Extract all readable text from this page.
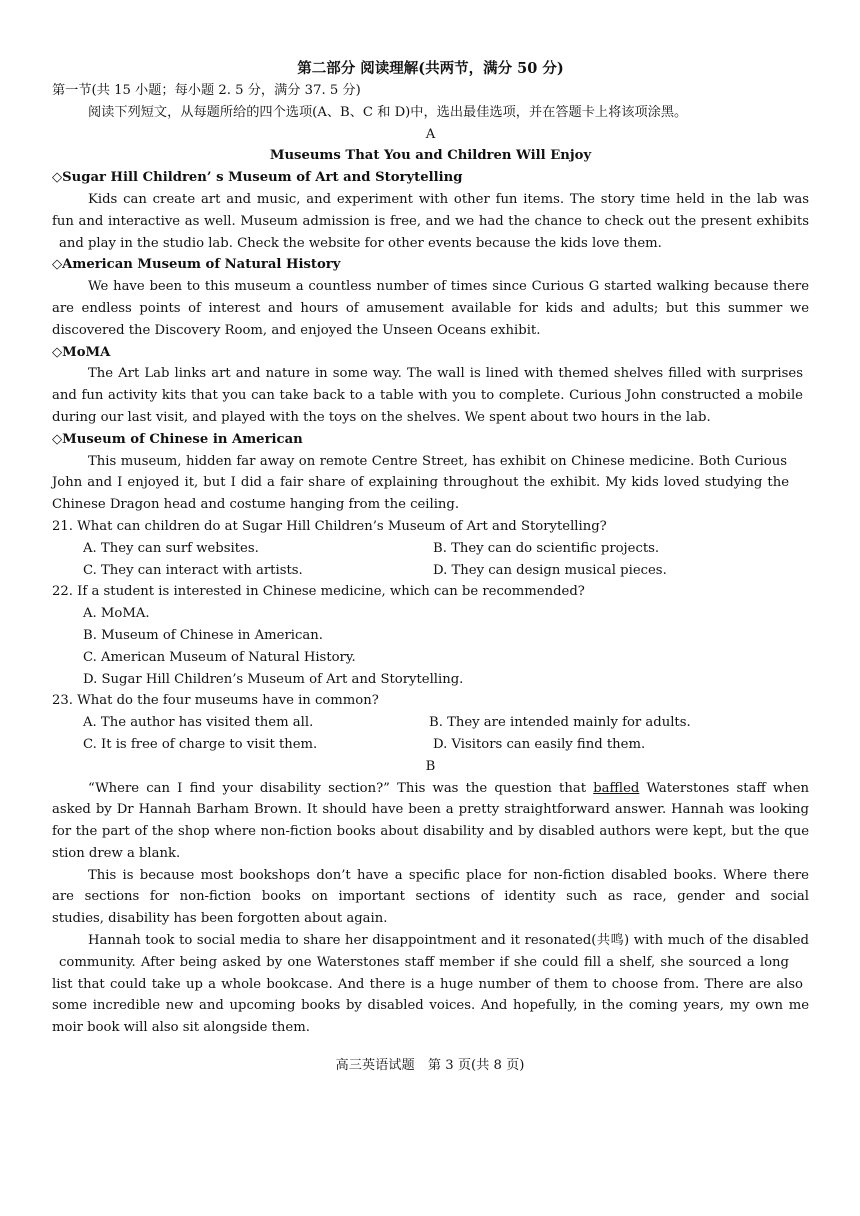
第二部分 阅读理解(共两节，满分 50 分)
第一节(共 15 小题；每小题 2. 5 分，满分 37. 5 分)
阅读下列短文，从每题所给的四个选项(A、B、C 和 D)中，选出最佳选项，并在答题卡上将该项涂黑。
A
Museums That You and Children Will Enjoy
◇Sugar Hill Children’ s Museum of Art and Storytelling
Kids can create art and music, and experiment with other fun items. The story time held in the lab was
fun and interactive as well. Museum admission is free, and we had the chance to check out the present exhibits
and play in the studio lab. Check the website for other events because the kids love them.
◇American Museum of Natural History
We have been to this museum a countless number of times since Curious G started walking because there
are endless points of interest and hours of amusement available for kids and adults; but this summer we
discovered the Discovery Room, and enjoyed the Unseen Oceans exhibit.
◇MoMA
The Art Lab links art and nature in some way. The wall is lined with themed shelves filled with surprises
and fun activity kits that you can take back to a table with you to complete. Curious John constructed a mobile
during our last visit, and played with the toys on the shelves. We spent about two hours in the lab.
◇Museum of Chinese in American
This museum, hidden far away on remote Centre Street, has exhibit on Chinese medicine. Both Curious
John and I enjoyed it, but I did a fair share of explaining throughout the exhibit. My kids loved studying the
Chinese Dragon head and costume hanging from the ceiling.
21. What can children do at Sugar Hill Children’s Museum of Art and Storytelling?
A. They can surf websites.	B. They can do scientific projects.
C. They can interact with artists.	D. They can design musical pieces.
22. If a student is interested in Chinese medicine, which can be recommended?
A. MoMA.
B. Museum of Chinese in American.
C. American Museum of Natural History.
D. Sugar Hill Children’s Museum of Art and Storytelling.
23. What do the four museums have in common?
A. The author has visited them all.	B. They are intended mainly for adults.
C. It is free of charge to visit them.	D. Visitors can easily find them.
B
“Where can I find your disability section?” This was the question that baffled Waterstones staff when
asked by Dr Hannah Barham Brown. It should have been a pretty straightforward answer. Hannah was looking
for the part of the shop where non-fiction books about disability and by disabled authors were kept, but the que
stion drew a blank.
This is because most bookshops don’t have a specific place for non-fiction disabled books. Where there
are sections for non-fiction books on important sections of identity such as race, gender and social
studies, disability has been forgotten about again.
Hannah took to social media to share her disappointment and it resonated(共鸣) with much of the disabled
community. After being asked by one Waterstones staff member if she could fill a shelf, she sourced a long
list that could take up a whole bookcase. And there is a huge number of them to choose from. There are also
some incredible new and upcoming books by disabled voices. And hopefully, in the coming years, my own me
moir book will also sit alongside them.
高三英语试题　第 3 页(共 8 页)
